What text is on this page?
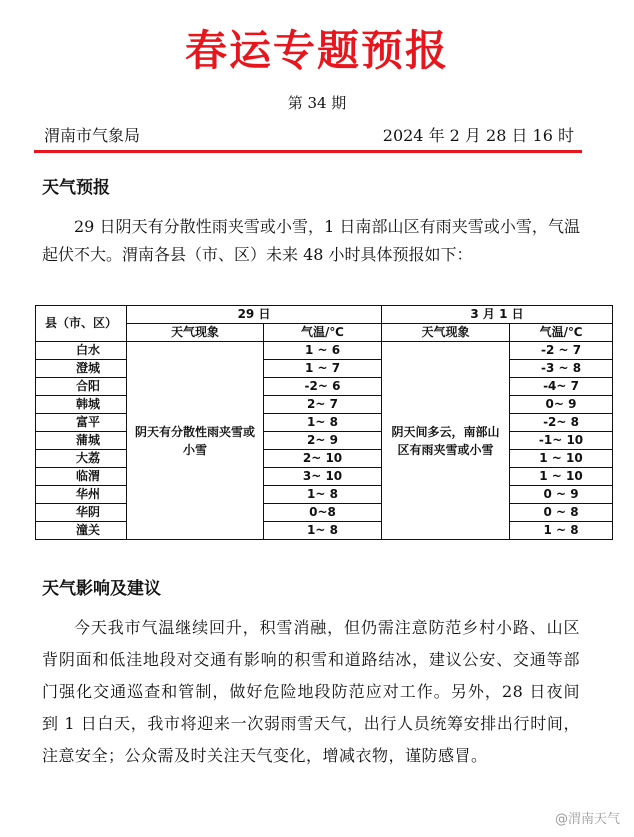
春运专题预报
第 34 期
渭南市气象局	2024 年 2 月 28 日 16 时
天气预报

29 日阴天有分散性雨夹雪或小雪，1 日南部山区有雨夹雪或小雪，气温起伏不大。渭南各县（市、区）未来 48 小时具体预报如下：

县（市、区）	29 日		3 月 1 日	
	天气现象	气温/℃	天气现象	气温/℃
白水	阴天有分散性雨夹雪或小雪	1 ~ 6	阴天间多云，南部山区有雨夹雪或小雪	-2 ~ 7
澄城		1 ~ 7		-3 ~ 8
合阳		-2~ 6		-4~ 7
韩城		2~ 7		0~ 9
富平		1~ 8		-2~ 8
蒲城		2~ 9		-1~ 10
大荔		2~ 10		1 ~ 10
临渭		3~ 10		1 ~ 10
华州		1~ 8		0 ~ 9
华阴		0~8		0 ~ 8
潼关		1~ 8		1 ~ 8
天气影响及建议

今天我市气温继续回升，积雪消融，但仍需注意防范乡村小路、山区背阴面和低洼地段对交通有影响的积雪和道路结冰，建议公安、交通等部门强化交通巡查和管制，做好危险地段防范应对工作。另外，28 日夜间到 1 日白天，我市将迎来一次弱雨雪天气，出行人员统筹安排出行时间，注意安全；公众需及时关注天气变化，增减衣物，谨防感冒。

@渭南天气
